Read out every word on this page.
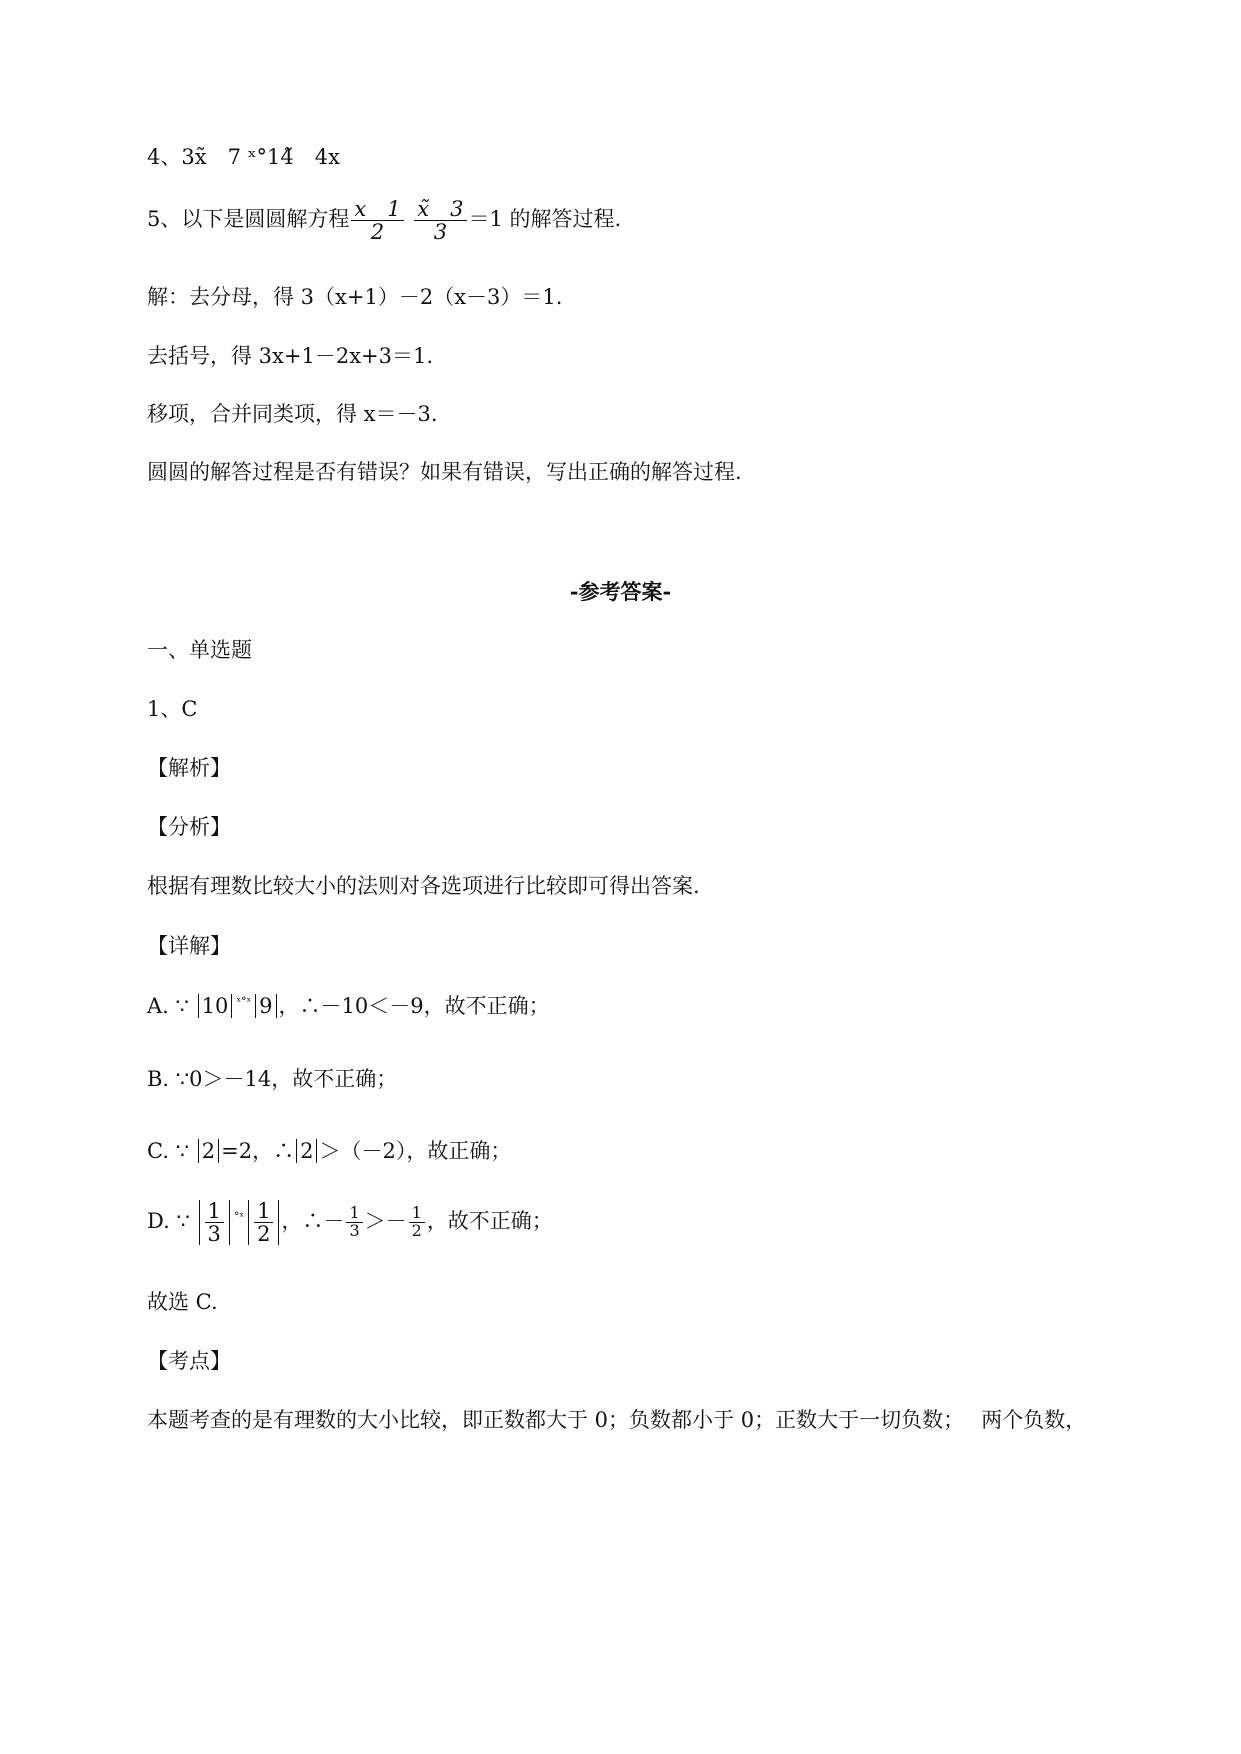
4、3x̃　7 ˣ°14̃　4x
5、以下是圆圆解方程 $\frac{x 1}{2}$
$\frac{x̃ 3}{3} =1$ 的解答过程.
解：去分母，得 3（x+1）－2（x－3）＝1.
去括号，得 3x+1－2x+3＝1.
移项，合并同类项，得 x＝－3.
圆圆的解答过程是否有错误？如果有错误，写出正确的解答过程.
-参考答案-
一、单选题
1、C
【解析】
【分析】
根据有理数比较大小的法则对各选项进行比较即可得出答案.
【详解】
A. ∵ 10 $^{ˣ^\circ ˣ}$ 9 ，∴－10＜－9，故不正确；
B. ∵0＞－14，故不正确；
C. ∵ 2 =2，∴ 2 ＞（－2），故正确；
D. ∵ $\frac{1}{3} ^{^\circ ˣ} \frac{1}{2}$ ，∴－ $\frac{1}{3} >- \frac{1}{2}$ ，故不正确；
故选 C.
【考点】
本题考查的是有理数的大小比较，即正数都大于 0；负数都小于 0；正数大于一切负数；　 两个负数，
